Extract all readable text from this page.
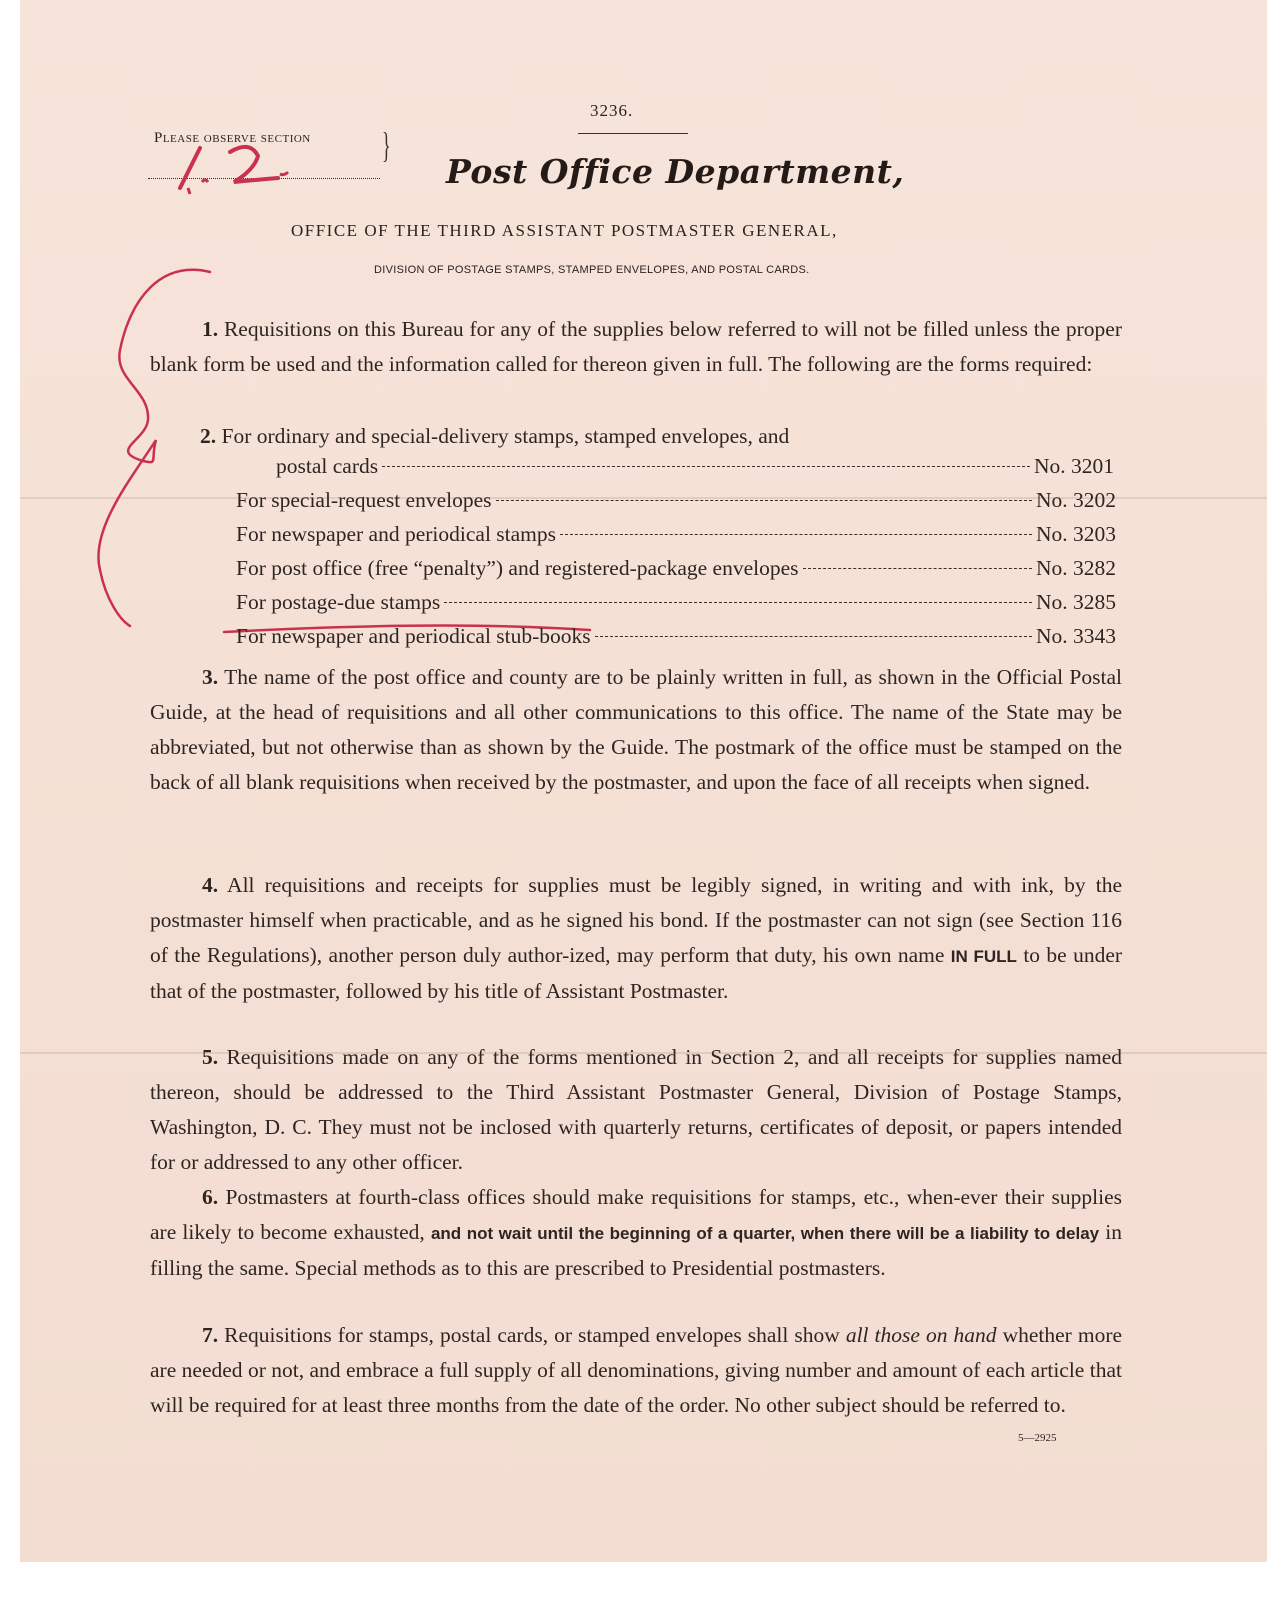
3236.
Please observe section }
Post Office Department,
OFFICE OF THE THIRD ASSISTANT POSTMASTER GENERAL,
DIVISION OF POSTAGE STAMPS, STAMPED ENVELOPES, AND POSTAL CARDS.
1. Requisitions on this Bureau for any of the supplies below referred to will not be filled unless the proper blank form be used and the information called for thereon given in full. The following are the forms required:
2. For ordinary and special-delivery stamps, stamped envelopes, and
postal cards	No. 3201
For special-request envelopes	No. 3202
For newspaper and periodical stamps	No. 3203
For post office (free “penalty”) and registered-package envelopes	No. 3282
For postage-due stamps	No. 3285
For newspaper and periodical stub-books	No. 3343
3. The name of the post office and county are to be plainly written in full, as shown in the Official Postal Guide, at the head of requisitions and all other communications to this office. The name of the State may be abbreviated, but not otherwise than as shown by the Guide. The postmark of the office must be stamped on the back of all blank requisitions when received by the postmaster, and upon the face of all receipts when signed.
4. All requisitions and receipts for supplies must be legibly signed, in writing and with ink, by the postmaster himself when practicable, and as he signed his bond. If the postmaster can not sign (see Section 116 of the Regulations), another person duly author-ized, may perform that duty, his own name IN FULL to be under that of the postmaster, followed by his title of Assistant Postmaster.
5. Requisitions made on any of the forms mentioned in Section 2, and all receipts for supplies named thereon, should be addressed to the Third Assistant Postmaster General, Division of Postage Stamps, Washington, D. C. They must not be inclosed with quarterly returns, certificates of deposit, or papers intended for or addressed to any other officer.
6. Postmasters at fourth-class offices should make requisitions for stamps, etc., when-ever their supplies are likely to become exhausted, and not wait until the beginning of a quarter, when there will be a liability to delay in filling the same. Special methods as to this are prescribed to Presidential postmasters.
7. Requisitions for stamps, postal cards, or stamped envelopes shall show all those on hand whether more are needed or not, and embrace a full supply of all denominations, giving number and amount of each article that will be required for at least three months from the date of the order. No other subject should be referred to.
5—2925
